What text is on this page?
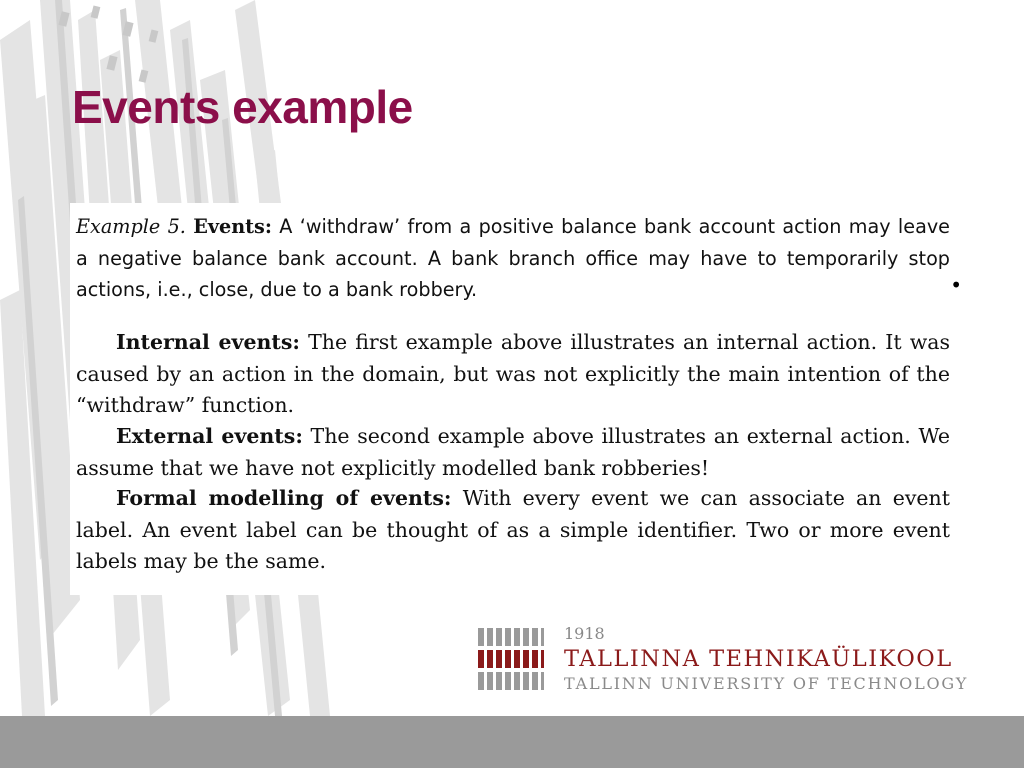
Events example

Example 5. Events: A ‘withdraw’ from a positive balance bank account action may leave a negative balance bank account. A bank branch office may have to temporarily stop actions, i.e., close, due to a bank robbery.	•

Internal events: The first example above illustrates an internal action. It was caused by an action in the domain, but was not explicitly the main intention of the “withdraw” function.

External events: The second example above illustrates an external action. We assume that we have not explicitly modelled bank robberies!

Formal modelling of events: With every event we can associate an event label. An event label can be thought of as a simple identifier. Two or more event labels may be the same.

1918
TALLINNA TEHNIKAÜLIKOOL
TALLINN UNIVERSITY OF TECHNOLOGY
